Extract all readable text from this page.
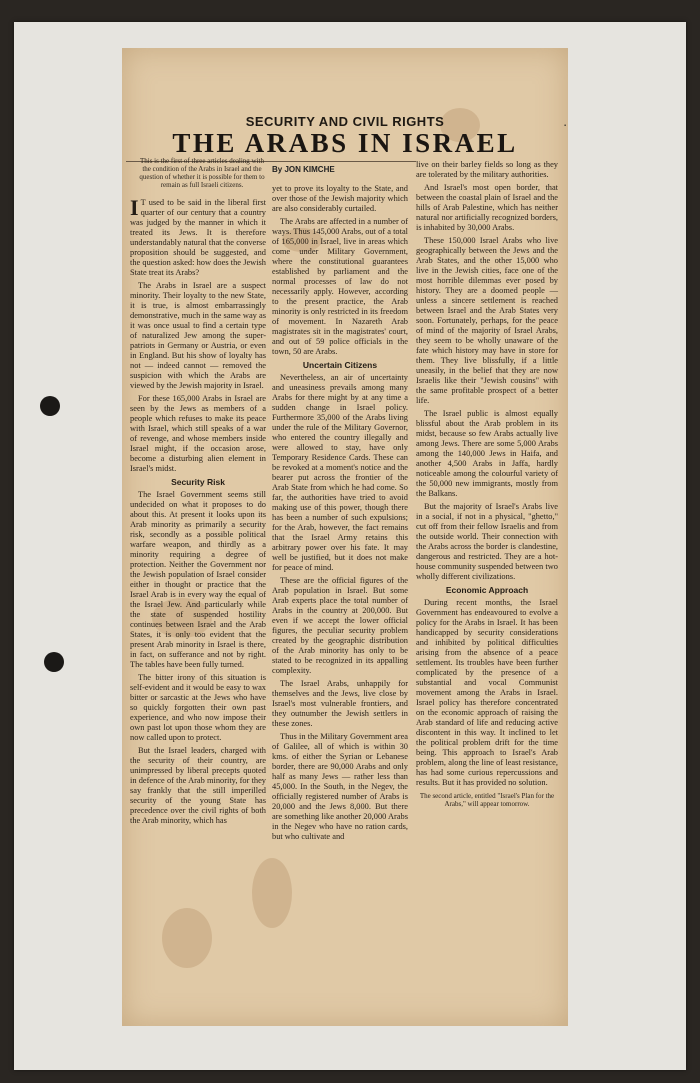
SECURITY AND CIVIL RIGHTS	.
THE ARABS IN ISRAEL
This is the first of three articles dealing with the condition of the Arabs in Israel and the question of whether it is possible for them to remain as full Israeli citizens.
By JON KIMCHE

I T used to be said in the liberal first quarter of our century that a country was judged by the manner in which it treated its Jews. It is therefore understandably natural that the converse proposition should be suggested, and the question asked: how does the Jewish State treat its Arabs?

The Arabs in Israel are a suspect minority. Their loyalty to the new State, it is true, is almost embarrassingly demonstrative, much in the same way as it was once usual to find a certain type of naturalized Jew among the super-patriots in Germany or Austria, or even in England. But his show of loyalty has not — indeed cannot — removed the suspicion with which the Arabs are viewed by the Jewish majority in Israel.

For these 165,000 Arabs in Israel are seen by the Jews as members of a people which refuses to make its peace with Israel, which still speaks of a war of revenge, and whose members inside Israel might, if the occasion arose, become a disturbing alien element in Israel's midst.

Security Risk

The Israel Government seems still undecided on what it proposes to do about this. At present it looks upon its Arab minority as primarily a security risk, secondly as a possible political warfare weapon, and thirdly as a minority requiring a degree of protection. Neither the Government nor the Jewish population of Israel consider either in thought or practice that the Israel Arab is in every way the equal of the Israel Jew. And particularly while the state of suspended hostility continues between Israel and the Arab States, it is only too evident that the present Arab minority in Israel is there, in fact, on sufferance and not by right. The tables have been fully turned.

The bitter irony of this situation is self-evident and it would be easy to wax bitter or sarcastic at the Jews who have so quickly forgotten their own past experience, and who now impose their own past lot upon those whom they are now called upon to protect.

But the Israel leaders, charged with the security of their country, are unimpressed by liberal precepts quoted in defence of the Arab minority, for they say frankly that the still imperilled security of the young State has precedence over the civil rights of both the Arab minority, which has

yet to prove its loyalty to the State, and over those of the Jewish majority which are also considerably curtailed.

The Arabs are affected in a number of ways. Thus 145,000 Arabs, out of a total of 165,000 in Israel, live in areas which come under Military Government, where the constitutional guarantees established by parliament and the normal processes of law do not necessarily apply. However, according to the present practice, the Arab minority is only restricted in its freedom of movement. In Nazareth Arab magistrates sit in the magistrates' court, and out of 59 police officials in the town, 50 are Arabs.

Uncertain Citizens

Nevertheless, an air of uncertainty and uneasiness prevails among many Arabs for there might by at any time a sudden change in Israel policy. Furthermore 35,000 of the Arabs living under the rule of the Military Governor, who entered the country illegally and were allowed to stay, have only Temporary Residence Cards. These can be revoked at a moment's notice and the bearer put across the frontier of the Arab State from which he had come. So far, the authorities have tried to avoid making use of this power, though there has been a number of such expulsions; for the Arab, however, the fact remains that the Israel Army retains this arbitrary power over his fate. It may well be justified, but it does not make for peace of mind.

These are the official figures of the Arab population in Israel. But some Arab experts place the total number of Arabs in the country at 200,000. But even if we accept the lower official figures, the peculiar security problem created by the geographic distribution of the Arab minority has only to be stated to be recognized in its appalling complexity.

The Israel Arabs, unhappily for themselves and the Jews, live close by Israel's most vulnerable frontiers, and they outnumber the Jewish settlers in these zones.

Thus in the Military Government area of Galilee, all of which is within 30 kms. of either the Syrian or Lebanese border, there are 90,000 Arabs and only half as many Jews — rather less than 45,000. In the South, in the Negev, the officially registered number of Arabs is 20,000 and the Jews 8,000. But there are something like another 20,000 Arabs in the Negev who have no ration cards, but who cultivate and

live on their barley fields so long as they are tolerated by the military authorities.

And Israel's most open border, that between the coastal plain of Israel and the hills of Arab Palestine, which has neither natural nor artificially recognized borders, is inhabited by 30,000 Arabs.

These 150,000 Israel Arabs who live geographically between the Jews and the Arab States, and the other 15,000 who live in the Jewish cities, face one of the most horrible dilemmas ever posed by history. They are a doomed people — unless a sincere settlement is reached between Israel and the Arab States very soon. Fortunately, perhaps, for the peace of mind of the majority of Israel Arabs, they seem to be wholly unaware of the fate which history may have in store for them. They live blissfully, if a little uneasily, in the belief that they are now Israelis like their "Jewish cousins" with the same profitable prospect of a better life.

The Israel public is almost equally blissful about the Arab problem in its midst, because so few Arabs actually live among Jews. There are some 5,000 Arabs among the 140,000 Jews in Haifa, and another 4,500 Arabs in Jaffa, hardly noticeable among the colourful variety of the 50,000 new immigrants, mostly from the Balkans.

But the majority of Israel's Arabs live in a social, if not in a physical, "ghetto," cut off from their fellow Israelis and from the outside world. Their connection with the Arabs across the border is clandestine, dangerous and restricted. They are a hot-house community suspended between two wholly different civilizations.

Economic Approach

During recent months, the Israel Government has endeavoured to evolve a policy for the Arabs in Israel. It has been handicapped by security considerations and inhibited by political difficulties arising from the absence of a peace settlement. Its troubles have been further complicated by the presence of a substantial and vocal Communist movement among the Arabs in Israel. Israel policy has therefore concentrated on the economic approach of raising the Arab standard of life and reducing active discontent in this way. It inclined to let the political problem drift for the time being. This approach to Israel's Arab problem, along the line of least resistance, has had some curious repercussions and results. But it has provided no solution.

The second article, entitled "Israel's Plan for the Arabs," will appear tomorrow.
